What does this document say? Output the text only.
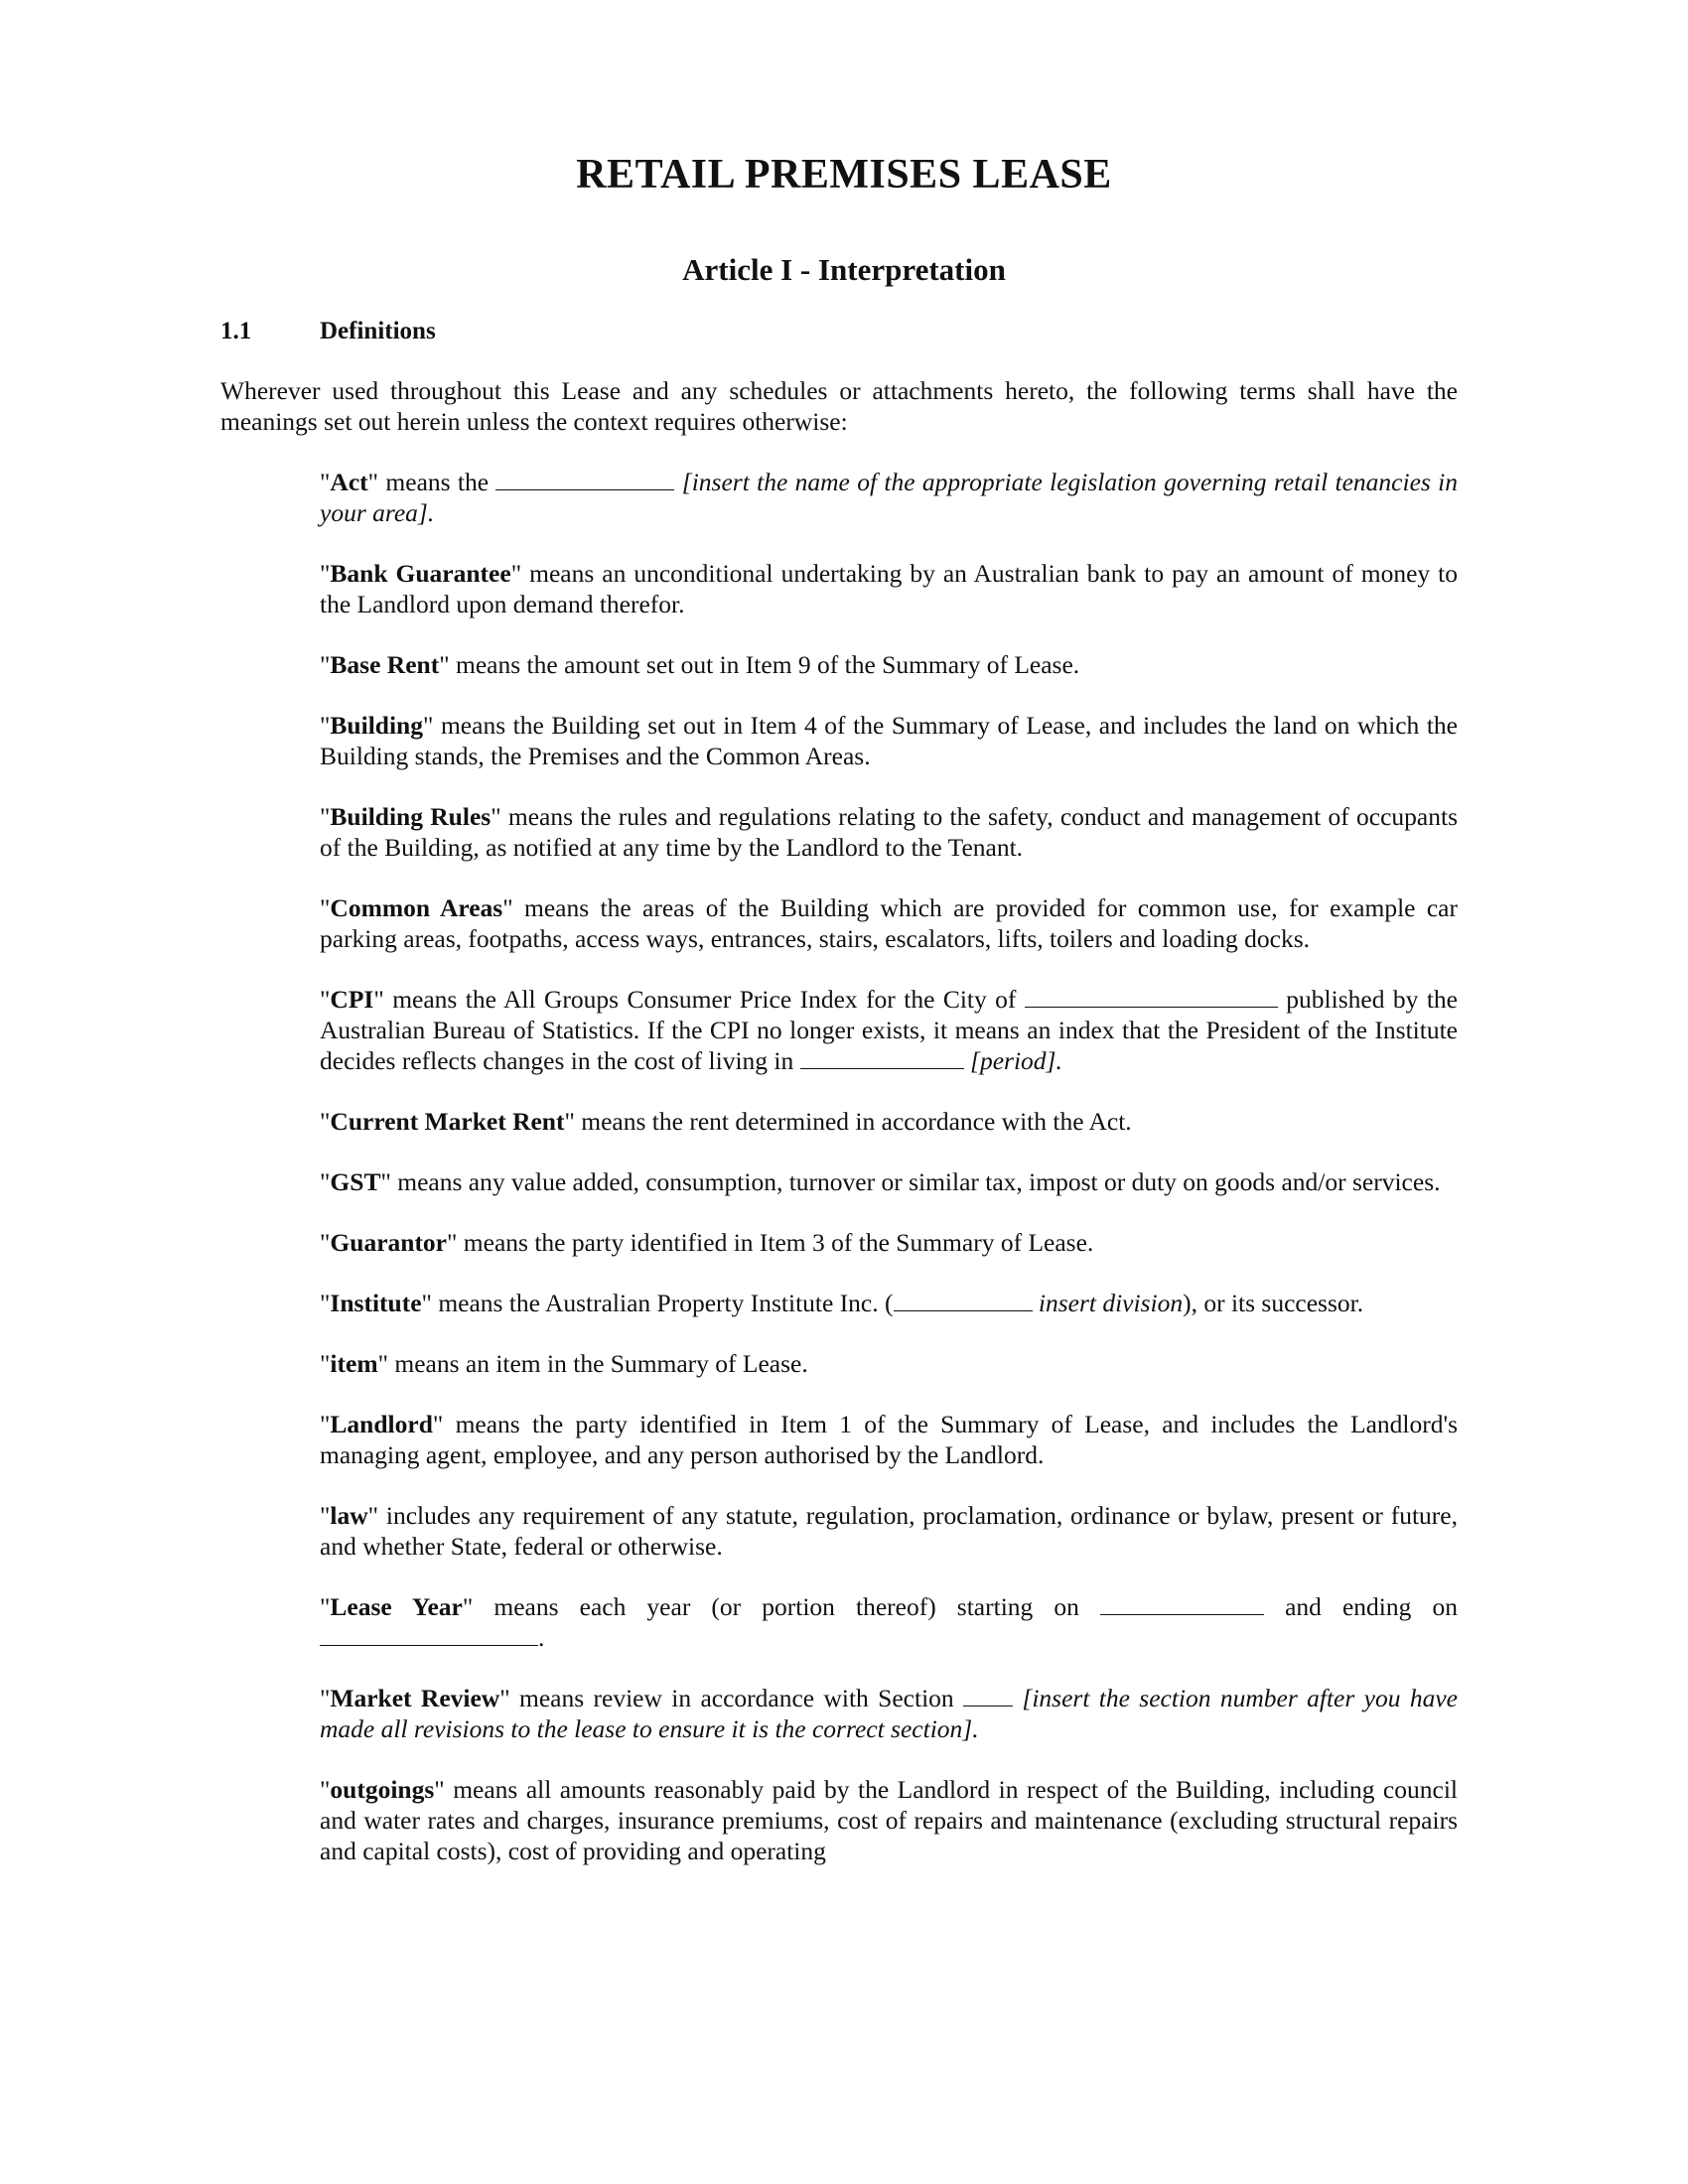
RETAIL PREMISES LEASE
Article I - Interpretation
1.1	Definitions

Wherever used throughout this Lease and any schedules or attachments hereto, the following terms shall have the meanings set out herein unless the context requires otherwise:

"Act" means the	[insert the name of the appropriate legislation governing retail tenancies in your area].

"Bank Guarantee" means an unconditional undertaking by an Australian bank to pay an amount of money to the Landlord upon demand therefor.

"Base Rent" means the amount set out in Item 9 of the Summary of Lease.

"Building" means the Building set out in Item 4 of the Summary of Lease, and includes the land on which the Building stands, the Premises and the Common Areas.

"Building Rules" means the rules and regulations relating to the safety, conduct and management of occupants of the Building, as notified at any time by the Landlord to the Tenant.

"Common Areas" means the areas of the Building which are provided for common use, for example car parking areas, footpaths, access ways, entrances, stairs, escalators, lifts, toilers and loading docks.

"CPI" means the All Groups Consumer Price Index for the City of	published by the Australian Bureau of Statistics. If the CPI no longer exists, it means an index that the President of the Institute decides reflects changes in the cost of living in	[period].

"Current Market Rent" means the rent determined in accordance with the Act.

"GST" means any value added, consumption, turnover or similar tax, impost or duty on goods and/or services.

"Guarantor" means the party identified in Item 3 of the Summary of Lease.

"Institute" means the Australian Property Institute Inc. (	insert division), or its successor.

"item" means an item in the Summary of Lease.

"Landlord" means the party identified in Item 1 of the Summary of Lease, and includes the Landlord's managing agent, employee, and any person authorised by the Landlord.

"law" includes any requirement of any statute, regulation, proclamation, ordinance or bylaw, present or future, and whether State, federal or otherwise.

"Lease Year" means each year (or portion thereof) starting on	and ending on .

"Market Review" means review in accordance with Section  [insert the section number after you have made all revisions to the lease to ensure it is the correct section].

"outgoings" means all amounts reasonably paid by the Landlord in respect of the Building, including council and water rates and charges, insurance premiums, cost of repairs and maintenance (excluding structural repairs and capital costs), cost of providing and operating
